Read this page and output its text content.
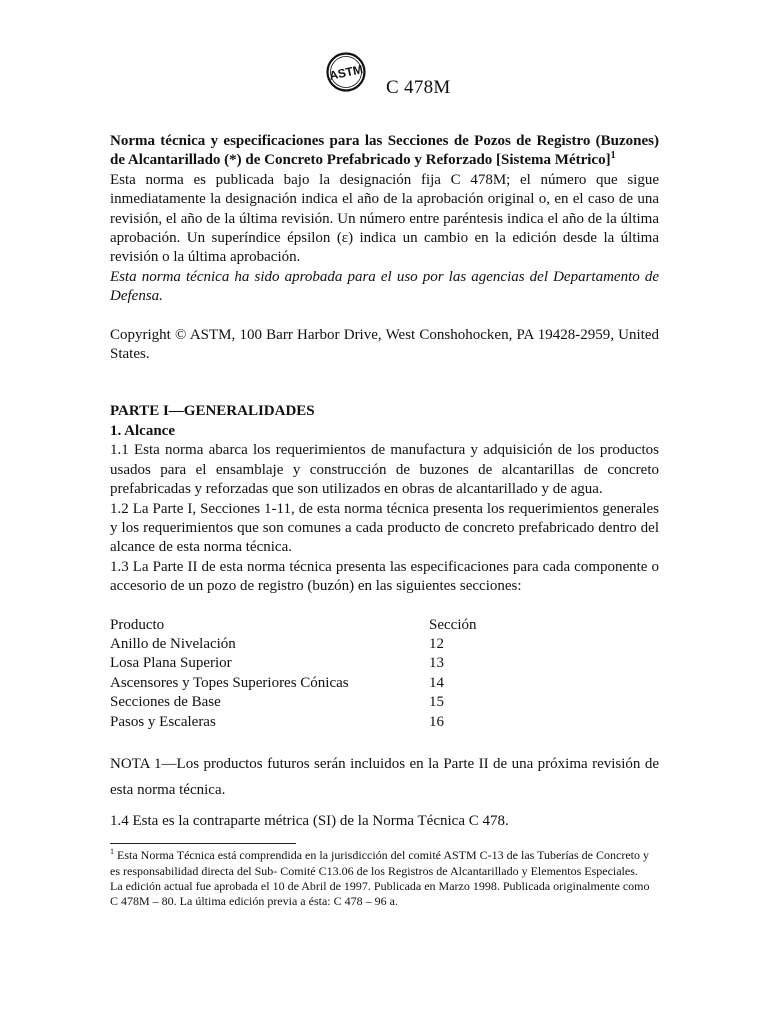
ASTM
C 478M

Norma técnica y especificaciones para las Secciones de Pozos de Registro (Buzones) de Alcantarillado (*) de Concreto Prefabricado y Reforzado [Sistema Métrico]$^1$

Esta norma es publicada bajo la designación fija C 478M; el número que sigue inmediatamente la designación indica el año de la aprobación original o, en el caso de una revisión, el año de la última revisión. Un número entre paréntesis indica el año de la última aprobación. Un superíndice épsilon (ε) indica un cambio en la edición desde la última revisión o la última aprobación.

Esta norma técnica ha sido aprobada para el uso por las agencias del Departamento de Defensa.

Copyright © ASTM, 100 Barr Harbor Drive, West Conshohocken, PA 19428-2959, United States.

PARTE I—GENERALIDADES

1. Alcance

1.1 Esta norma abarca los requerimientos de manufactura y adquisición de los productos usados para el ensamblaje y construcción de buzones de alcantarillas de concreto prefabricadas y reforzadas que son utilizados en obras de alcantarillado y de agua.

1.2 La Parte I, Secciones 1-11, de esta norma técnica presenta los requerimientos generales y los requerimientos que son comunes a cada producto de concreto prefabricado dentro del alcance de esta norma técnica.

1.3 La Parte II de esta norma técnica presenta las especificaciones para cada componente o accesorio de un pozo de registro (buzón) en las siguientes secciones:

Producto	Sección
Anillo de Nivelación	12
Losa Plana Superior	13
Ascensores y Topes Superiores Cónicas	14
Secciones de Base	15
Pasos y Escaleras	16

NOTA 1—Los productos futuros serán incluidos en la Parte II de una próxima revisión de esta norma técnica.

1.4 Esta es la contraparte métrica (SI) de la Norma Técnica C 478.

$^1$ Esta Norma Técnica está comprendida en la jurisdicción del comité ASTM C-13 de las Tuberías de Concreto y es responsabilidad directa del Sub- Comité C13.06 de los Registros de Alcantarillado y Elementos Especiales.

La edición actual fue aprobada el 10 de Abril de 1997. Publicada en Marzo 1998. Publicada originalmente como C 478M – 80. La última edición previa a ésta: C 478 – 96 a.
